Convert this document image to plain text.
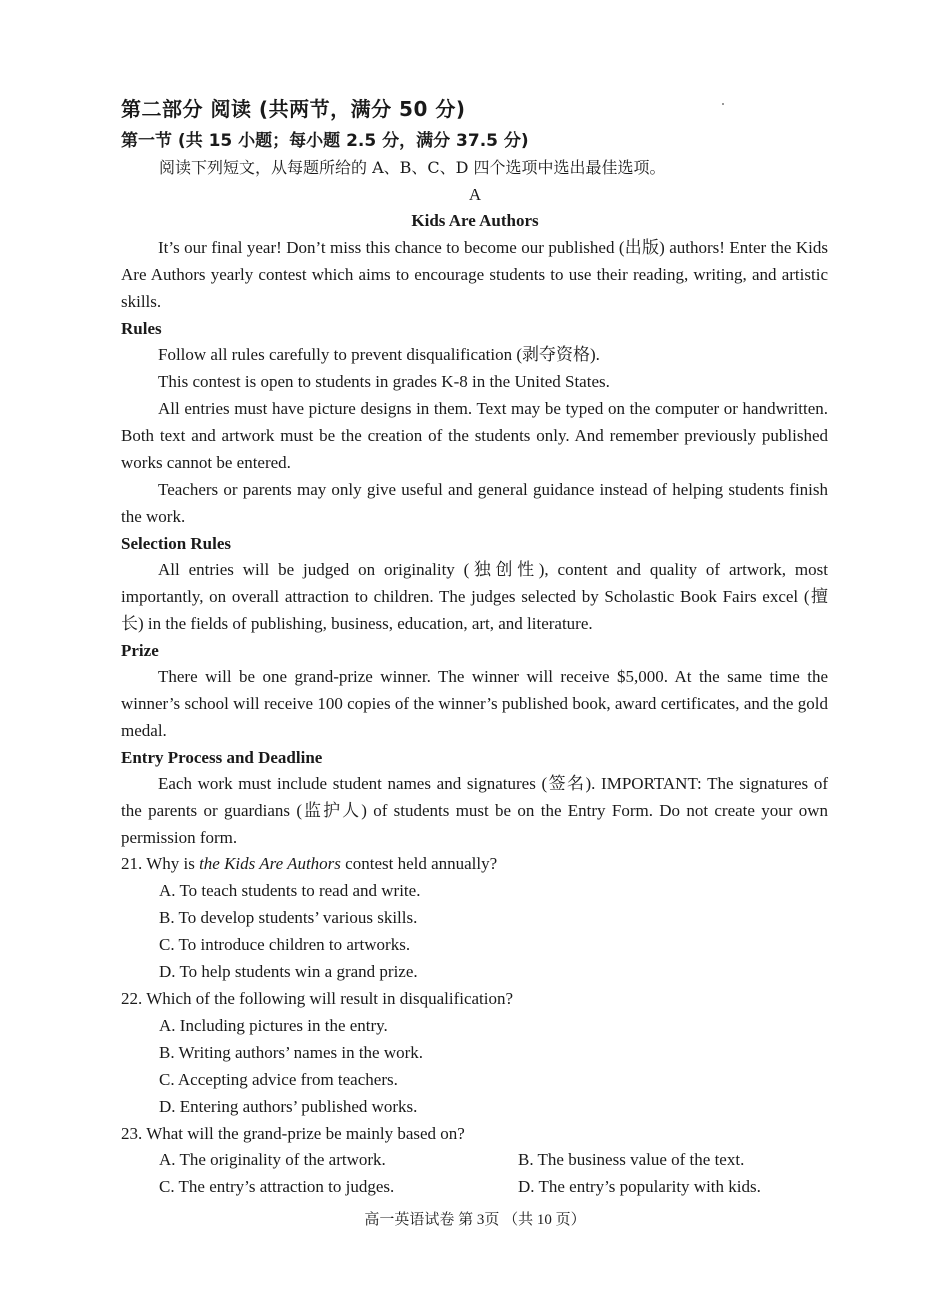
第二部分 阅读 (共两节，满分 50 分)
第一节 (共 15 小题；每小题 2.5 分，满分 37.5 分)
阅读下列短文，从每题所给的 A、B、C、D 四个选项中选出最佳选项。
A
Kids Are Authors

It’s our final year! Don’t miss this chance to become our published (出版) authors! Enter the Kids Are Authors yearly contest which aims to encourage students to use their reading, writing, and artistic skills.

Rules

Follow all rules carefully to prevent disqualification (剥夺资格).

This contest is open to students in grades K-8 in the United States.

All entries must have picture designs in them. Text may be typed on the computer or handwritten. Both text and artwork must be the creation of the students only. And remember previously published works cannot be entered.

Teachers or parents may only give useful and general guidance instead of helping students finish the work.

Selection Rules

All entries will be judged on originality (独创性), content and quality of artwork, most importantly, on overall attraction to children. The judges selected by Scholastic Book Fairs excel (擅长) in the fields of publishing, business, education, art, and literature.

Prize

There will be one grand-prize winner. The winner will receive $5,000. At the same time the winner’s school will receive 100 copies of the winner’s published book, award certificates, and the gold medal.

Entry Process and Deadline

Each work must include student names and signatures (签名). IMPORTANT: The signatures of the parents or guardians (监护人) of students must be on the Entry Form. Do not create your own permission form.

21. Why is the Kids Are Authors contest held annually?
A. To teach students to read and write.
B. To develop students’ various skills.
C. To introduce children to artworks.
D. To help students win a grand prize.
22. Which of the following will result in disqualification?
A. Including pictures in the entry.
B. Writing authors’ names in the work.
C. Accepting advice from teachers.
D. Entering authors’ published works.
23. What will the grand-prize be mainly based on?
A. The originality of the artwork.	B. The business value of the text.
C. The entry’s attraction to judges.	D. The entry’s popularity with kids.
高一英语试卷 第 3页 （共 10 页）
